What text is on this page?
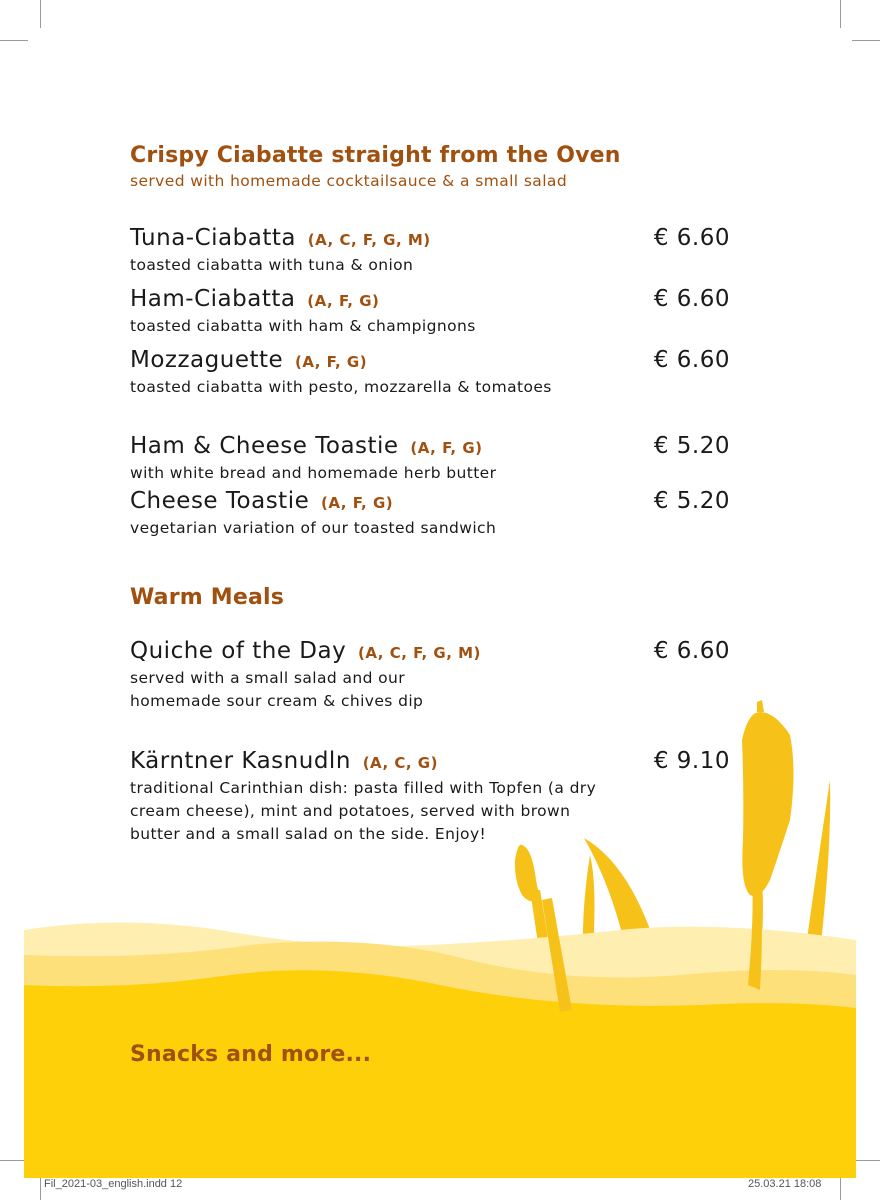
Crispy Ciabatte straight from the Oven

served with homemade cocktailsauce & a small salad

Tuna-Ciabatta (A, C, F, G, M)
toasted ciabatta with tuna & onion
€ 6.60
Ham-Ciabatta (A, F, G)
toasted ciabatta with ham & champignons
€ 6.60
Mozzaguette (A, F, G)
toasted ciabatta with pesto, mozzarella & tomatoes
€ 6.60
Ham & Cheese Toastie (A, F, G)
with white bread and homemade herb butter
€ 5.20
Cheese Toastie (A, F, G)
vegetarian variation of our toasted sandwich
€ 5.20
Warm Meals
Quiche of the Day (A, C, F, G, M)
served with a small salad and our homemade sour cream & chives dip
€ 6.60
Kärntner Kasnudln (A, C, G)
traditional Carinthian dish: pasta filled with Topfen (a dry cream cheese), mint and potatoes, served with brown butter and a small salad on the side. Enjoy!
€ 9.10
Snacks and more...
Fil_2021-03_english.indd 12	25.03.21 18:08
